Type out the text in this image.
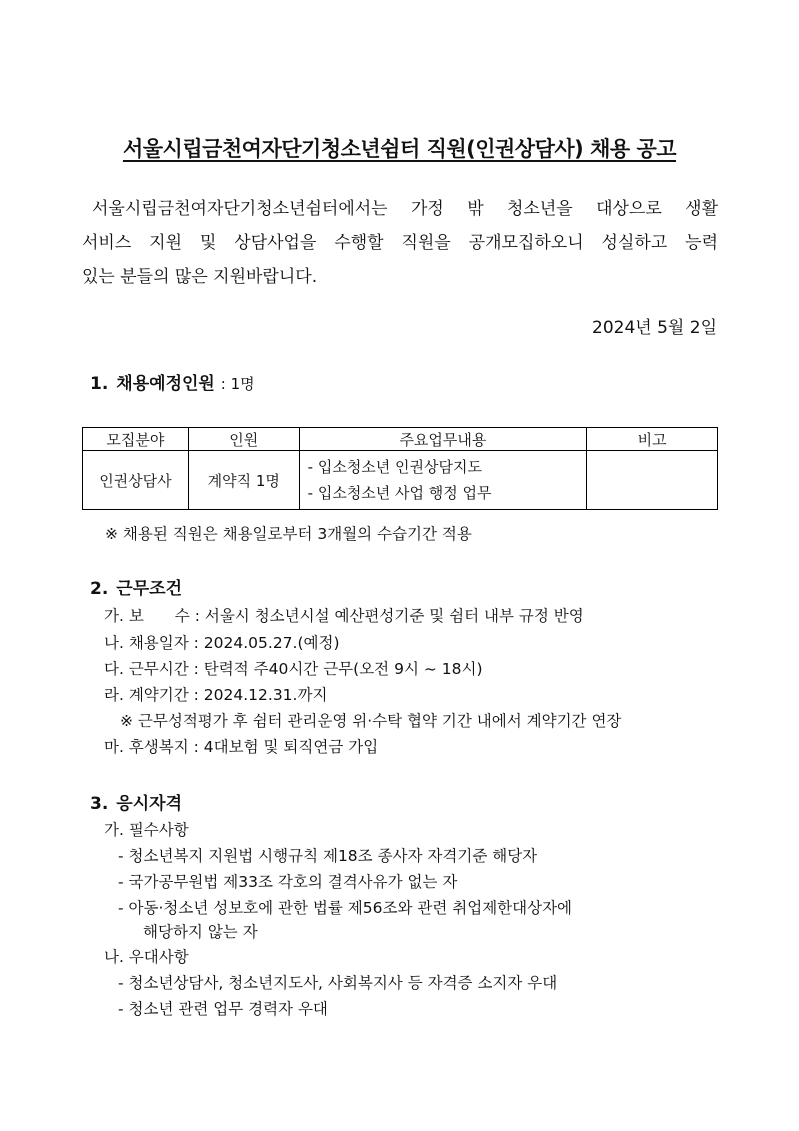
서울시립금천여자단기청소년쉼터 직원(인권상담사) 채용 공고
서울시립금천여자단기청소년쉼터에서는 가정 밖 청소년을 대상으로 생활
서비스 지원 및 상담사업을 수행할 직원을 공개모집하오니 성실하고 능력
있는 분들의 많은 지원바랍니다.
2024년 5월 2일
1. 채용예정인원 : 1명
모집분야	인원	주요업무내용	비고
인권상담사	계약직 1명	- 입소청소년 인권상담지도
- 입소청소년 사업 행정 업무	

※ 채용된 직원은 채용일로부터 3개월의 수습기간 적용
2. 근무조건
가. 보　　수 : 서울시 청소년시설 예산편성기준 및 쉼터 내부 규정 반영
나. 채용일자 : 2024.05.27.(예정)
다. 근무시간 : 탄력적 주40시간 근무(오전 9시 ~ 18시)
라. 계약기간 : 2024.12.31.까지
※ 근무성적평가 후 쉼터 관리운영 위·수탁 협약 기간 내에서 계약기간 연장
마. 후생복지 : 4대보험 및 퇴직연금 가입
3. 응시자격
가. 필수사항
- 청소년복지 지원법 시행규칙 제18조 종사자 자격기준 해당자
- 국가공무원법 제33조 각호의 결격사유가 없는 자
- 아동·청소년 성보호에 관한 법률 제56조와 관련 취업제한대상자에
해당하지 않는 자
나. 우대사항
- 청소년상담사, 청소년지도사, 사회복지사 등 자격증 소지자 우대
- 청소년 관련 업무 경력자 우대
